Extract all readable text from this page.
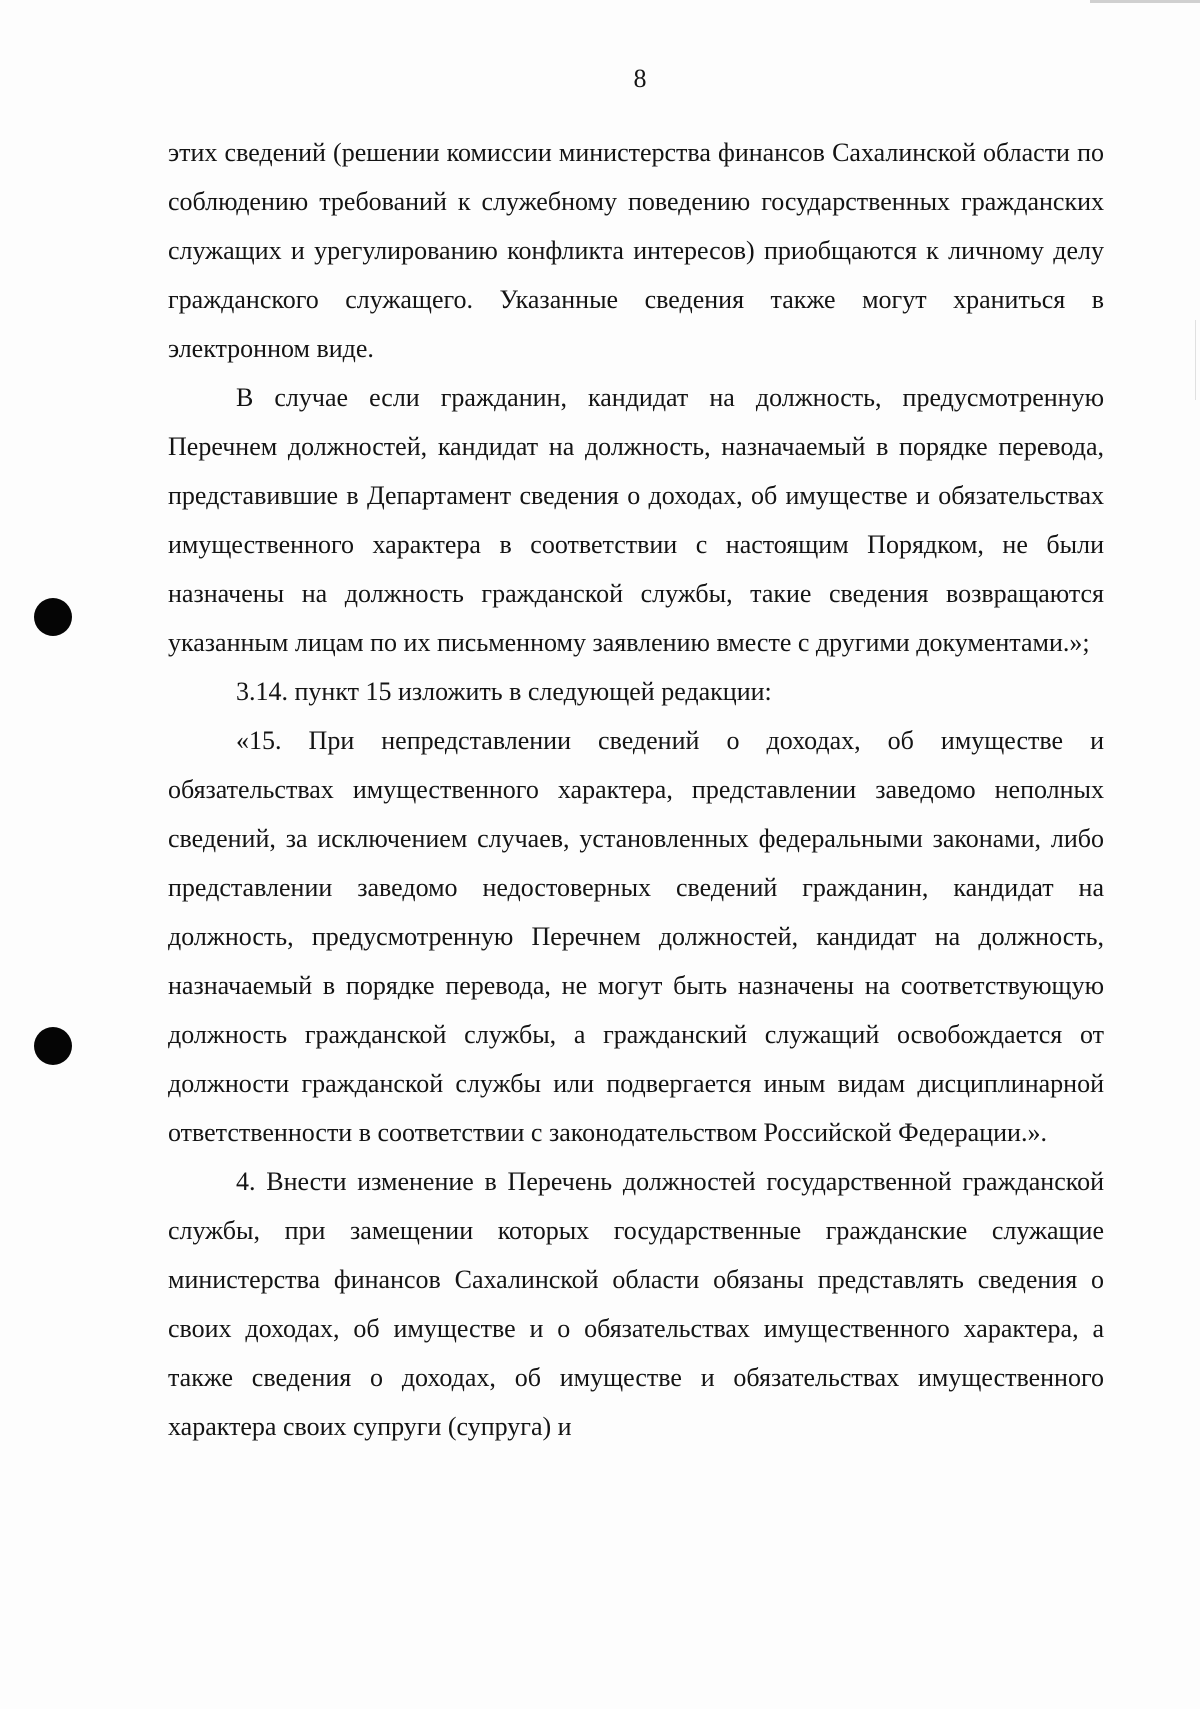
8

этих сведений (решении комиссии министерства финансов Сахалинской области по соблюдению требований к служебному поведению государственных гражданских служащих и урегулированию конфликта интересов) приобщаются к личному делу гражданского служащего. Указанные сведения также могут храниться в электронном виде.

В случае если гражданин, кандидат на должность, предусмотренную Перечнем должностей, кандидат на должность, назначаемый в порядке перевода, представившие в Департамент сведения о доходах, об имуществе и обязательствах имущественного характера в соответствии с настоящим Порядком, не были назначены на должность гражданской службы, такие сведения возвращаются указанным лицам по их письменному заявлению вместе с другими документами.»;

3.14. пункт 15 изложить в следующей редакции:

«15. При непредставлении сведений о доходах, об имуществе и обязательствах имущественного характера, представлении заведомо неполных сведений, за исключением случаев, установленных федеральными законами, либо представлении заведомо недостоверных сведений гражданин, кандидат на должность, предусмотренную Перечнем должностей, кандидат на должность, назначаемый в порядке перевода, не могут быть назначены на соответствующую должность гражданской службы, а гражданский служащий освобождается от должности гражданской службы или подвергается иным видам дисциплинарной ответственности в соответствии с законодательством Российской Федерации.».

4. Внести изменение в Перечень должностей государственной гражданской службы, при замещении которых государственные гражданские служащие министерства финансов Сахалинской области обязаны представлять сведения о своих доходах, об имуществе и о обязательствах имущественного характера, а также сведения о доходах, об имуществе и обязательствах имущественного характера своих супруги (супруга) и
